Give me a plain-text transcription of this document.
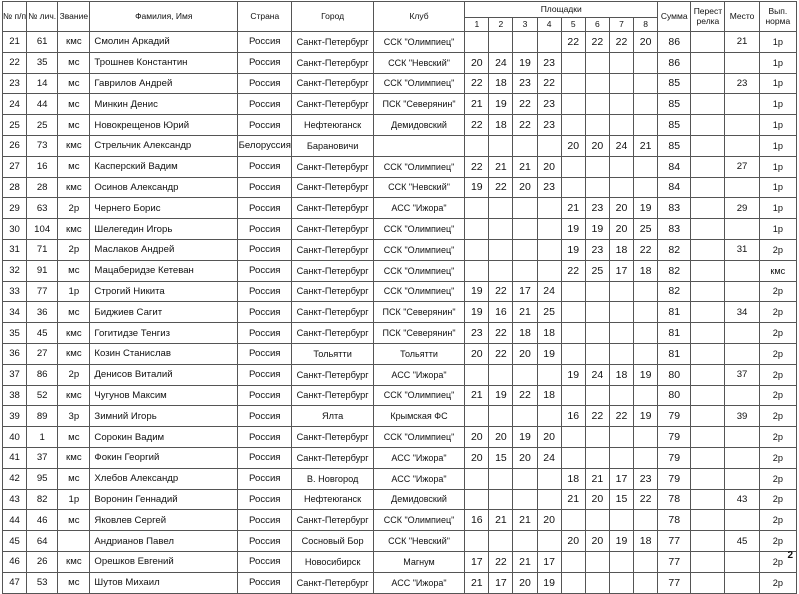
№ п/п	№ лич.	Звание	Фамилия, Имя	Страна	Город	Клуб	Площадки								Сумма	Перест релка	Место	Вып. норма
							1	2	3	4	5	6	7	8				
21	61	кмс	Смолин Аркадий	Россия	Санкт-Петербург	ССК "Олимпиец"					22	22	22	20	86		21	1р
22	35	мс	Трошнев Константин	Россия	Санкт-Петербург	ССК "Невский"	20	24	19	23					86			1р
23	14	мс	Гаврилов Андрей	Россия	Санкт-Петербург	ССК "Олимпиец"	22	18	23	22					85		23	1р
24	44	мс	Минкин Денис	Россия	Санкт-Петербург	ПСК "Северянин"	21	19	22	23					85			1р
25	25	мс	Новокрещенов Юрий	Россия	Нефтеюганск	Демидовский	22	18	22	23					85			1р
26	73	кмс	Стрельчик Александр	Белоруссия	Барановичи						20	20	24	21	85			1р
27	16	мс	Касперский Вадим	Россия	Санкт-Петербург	ССК "Олимпиец"	22	21	21	20					84		27	1р
28	28	кмс	Осинов Александр	Россия	Санкт-Петербург	ССК "Невский"	19	22	20	23					84			1р
29	63	2р	Чернего Борис	Россия	Санкт-Петербург	АСС "Ижора"					21	23	20	19	83		29	1р
30	104	кмс	Шелегедин Игорь	Россия	Санкт-Петербург	ССК "Олимпиец"					19	19	20	25	83			1р
31	71	2р	Маслаков Андрей	Россия	Санкт-Петербург	ССК "Олимпиец"					19	23	18	22	82		31	2р
32	91	мс	Мацаберидзе Кетеван	Россия	Санкт-Петербург	ССК "Олимпиец"					22	25	17	18	82			кмс
33	77	1р	Строгий Никита	Россия	Санкт-Петербург	ССК "Олимпиец"	19	22	17	24					82			2р
34	36	мс	Биджиев Сагит	Россия	Санкт-Петербург	ПСК "Северянин"	19	16	21	25					81		34	2р
35	45	кмс	Гогитидзе Тенгиз	Россия	Санкт-Петербург	ПСК "Северянин"	23	22	18	18					81			2р
36	27	кмс	Козин Станислав	Россия	Тольятти	Тольятти	20	22	20	19					81			2р
37	86	2р	Денисов Виталий	Россия	Санкт-Петербург	АСС "Ижора"					19	24	18	19	80		37	2р
38	52	кмс	Чугунов Максим	Россия	Санкт-Петербург	ССК "Олимпиец"	21	19	22	18					80			2р
39	89	3р	Зимний Игорь	Россия	Ялта	Крымская ФС					16	22	22	19	79		39	2р
40	1	мс	Сорокин Вадим	Россия	Санкт-Петербург	ССК "Олимпиец"	20	20	19	20					79			2р
41	37	кмс	Фокин Георгий	Россия	Санкт-Петербург	АСС "Ижора"	20	15	20	24					79			2р
42	95	мс	Хлебов Александр	Россия	В. Новгород	АСС "Ижора"					18	21	17	23	79			2р
43	82	1р	Воронин Геннадий	Россия	Нефтеюганск	Демидовский					21	20	15	22	78		43	2р
44	46	мс	Яковлев Сергей	Россия	Санкт-Петербург	ССК "Олимпиец"	16	21	21	20					78			2р
45	64		Андрианов Павел	Россия	Сосновый Бор	ССК "Невский"					20	20	19	18	77		45	2р
46	26	кмс	Орешков Евгений	Россия	Новосибирск	Магнум	17	22	21	17					77			2р
47	53	мс	Шутов Михаил	Россия	Санкт-Петербург	АСС "Ижора"	21	17	20	19					77			2р
2
